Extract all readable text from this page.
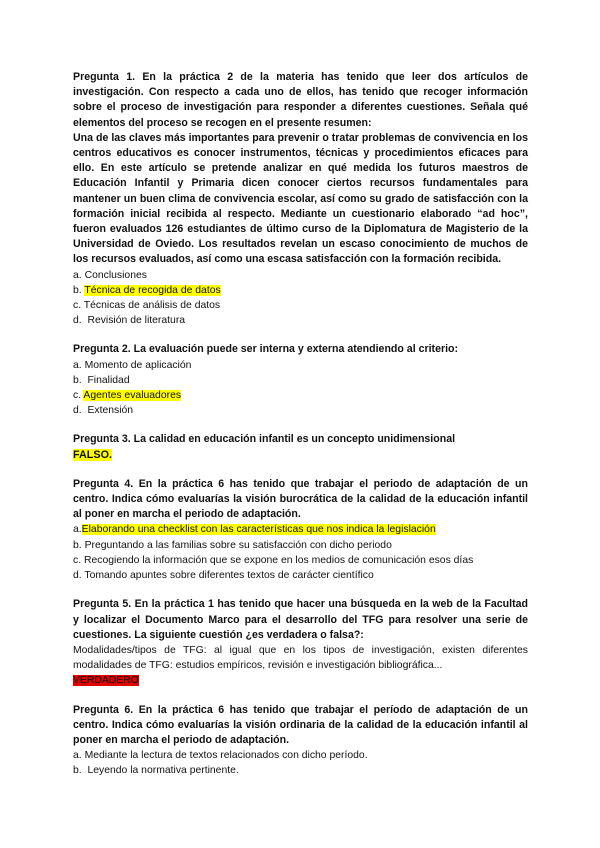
Pregunta 1. En la práctica 2 de la materia has tenido que leer dos artículos de investigación. Con respecto a cada uno de ellos, has tenido que recoger información sobre el proceso de investigación para responder a diferentes cuestiones. Señala qué elementos del proceso se recogen en el presente resumen:

Una de las claves más importantes para prevenir o tratar problemas de convivencia en los centros educativos es conocer instrumentos, técnicas y procedimientos eficaces para ello. En este artículo se pretende analizar en qué medida los futuros maestros de Educación Infantil y Primaria dicen conocer ciertos recursos fundamentales para mantener un buen clima de convivencia escolar, así como su grado de satisfacción con la formación inicial recibida al respecto. Mediante un cuestionario elaborado “ad hoc”, fueron evaluados 126 estudiantes de último curso de la Diplomatura de Magisterio de la Universidad de Oviedo. Los resultados revelan un escaso conocimiento de muchos de los recursos evaluados, así como una escasa satisfacción con la formación recibida.

a. Conclusiones

b. Técnica de recogida de datos

c. Técnicas de análisis de datos

d. Revisión de literatura

Pregunta 2. La evaluación puede ser interna y externa atendiendo al criterio:

a. Momento de aplicación

b. Finalidad

c. Agentes evaluadores

d. Extensión

Pregunta 3. La calidad en educación infantil es un concepto unidimensional

FALSO.

Pregunta 4. En la práctica 6 has tenido que trabajar el periodo de adaptación de un centro. Indica cómo evaluarías la visión burocrática de la calidad de la educación infantil al poner en marcha el periodo de adaptación.

a.Elaborando una checklist con las características que nos indica la legislación

b. Preguntando a las familias sobre su satisfacción con dicho periodo

c. Recogiendo la información que se expone en los medios de comunicación esos días

d. Tomando apuntes sobre diferentes textos de carácter científico

Pregunta 5. En la práctica 1 has tenido que hacer una búsqueda en la web de la Facultad y localizar el Documento Marco para el desarrollo del TFG para resolver una serie de cuestiones. La siguiente cuestión ¿es verdadera o falsa?:

Modalidades/tipos de TFG: al igual que en los tipos de investigación, existen diferentes modalidades de TFG: estudios empíricos, revisión e investigación bibliográfica...

VERDADERO

Pregunta 6. En la práctica 6 has tenido que trabajar el período de adaptación de un centro. Indica cómo evaluarías la visión ordinaria de la calidad de la educación infantil al poner en marcha el periodo de adaptación.

a. Mediante la lectura de textos relacionados con dicho período.

b. Leyendo la normativa pertinente.
